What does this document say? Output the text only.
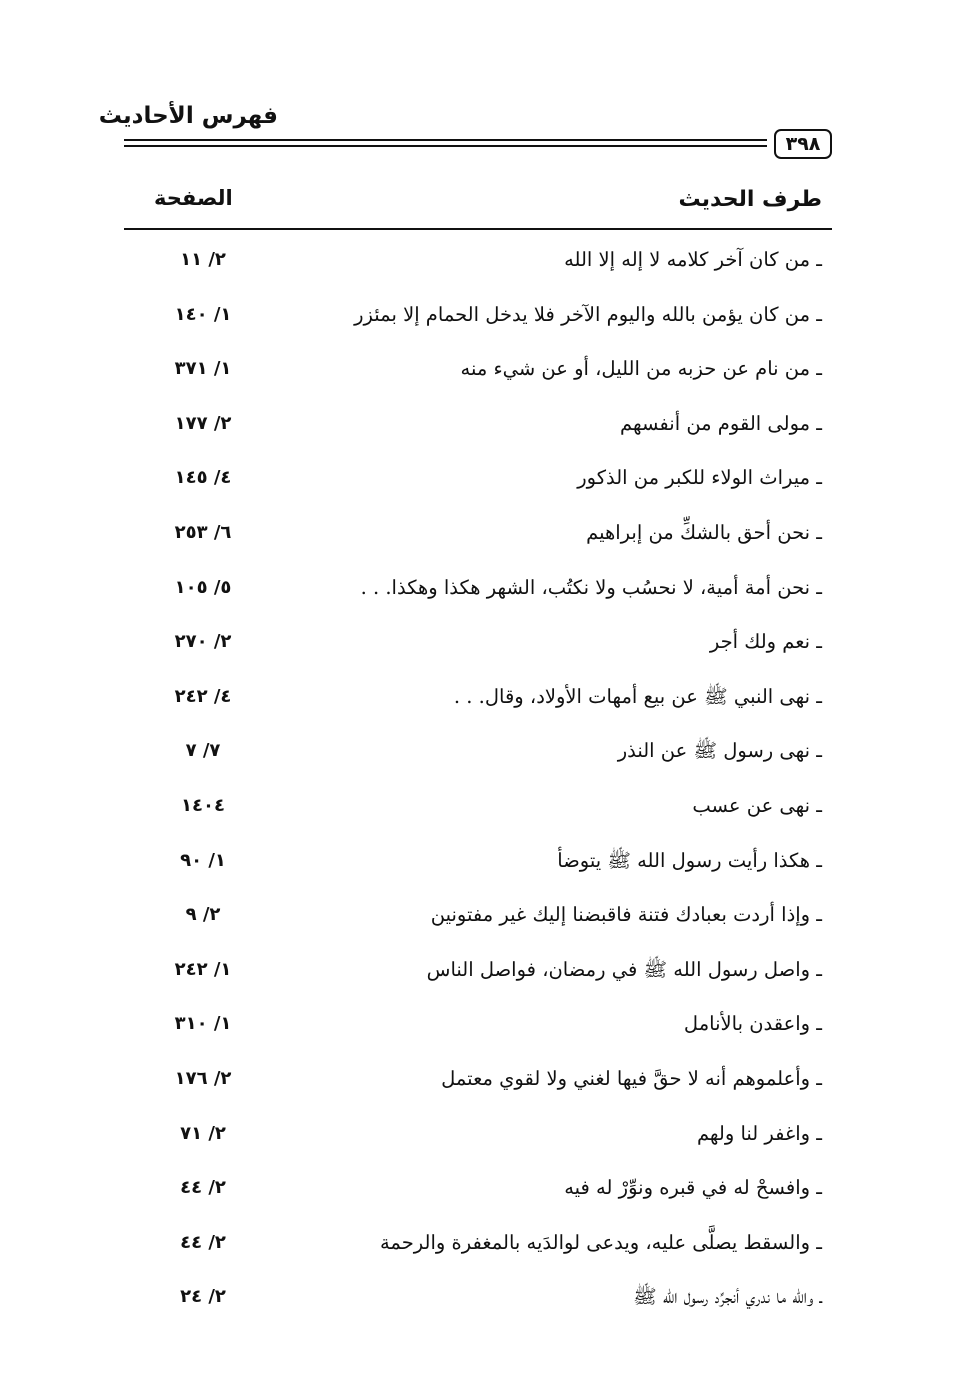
فهرس الأحاديث
٣٩٨
طرف الحديث
الصفحة
ـ من كان آخر كلامه لا إله إلا الله
٢/ ١١
ـ من كان يؤمن بالله واليوم الآخر فلا يدخل الحمام إلا بمئزر
١/ ١٤٠
ـ من نام عن حزبه من الليل، أو عن شيء منه
١/ ٣٧١
ـ مولى القوم من أنفسهم
٢/ ١٧٧
ـ ميراث الولاء للكبر من الذكور
٤/ ١٤٥
ـ نحن أحق بالشكِّ من إبراهيم
٦/ ٢٥٣
ـ نحن أمة أمية، لا نحسُب ولا نكتُب، الشهر هكذا وهكذا. . .
٥/ ١٠٥
ـ نعم ولك أجر
٢/ ٢٧٠
ـ نهى النبي ﷺ عن بيع أمهات الأولاد، وقال. . .
٤/ ٢٤٢
ـ نهى رسول ﷺ عن النذر
٧/ ٧
ـ نهى عن عسب
١٤٠٤
ـ هكذا رأيت رسول الله ﷺ يتوضأ
١/ ٩٠
ـ وإذا أردت بعبادك فتنة فاقبضنا إليك غير مفتونين
٢/ ٩
ـ واصل رسول الله ﷺ في رمضان، فواصل الناس
١/ ٢٤٢
ـ واعقدن بالأنامل
١/ ٣١٠
ـ وأعلموهم أنه لا حقَّ فيها لغني ولا لقوي معتمل
٢/ ١٧٦
ـ واغفر لنا ولهم
٢/ ٧١
ـ وافسحْ له في قبره ونوِّرْ له فيه
٢/ ٤٤
ـ والسقط يصلَّى عليه، ويدعى لوالدَيه بالمغفرة والرحمة
٢/ ٤٤
ـ والله ما ندري أنجرِّد رسول الله ﷺ
٢/ ٢٤
